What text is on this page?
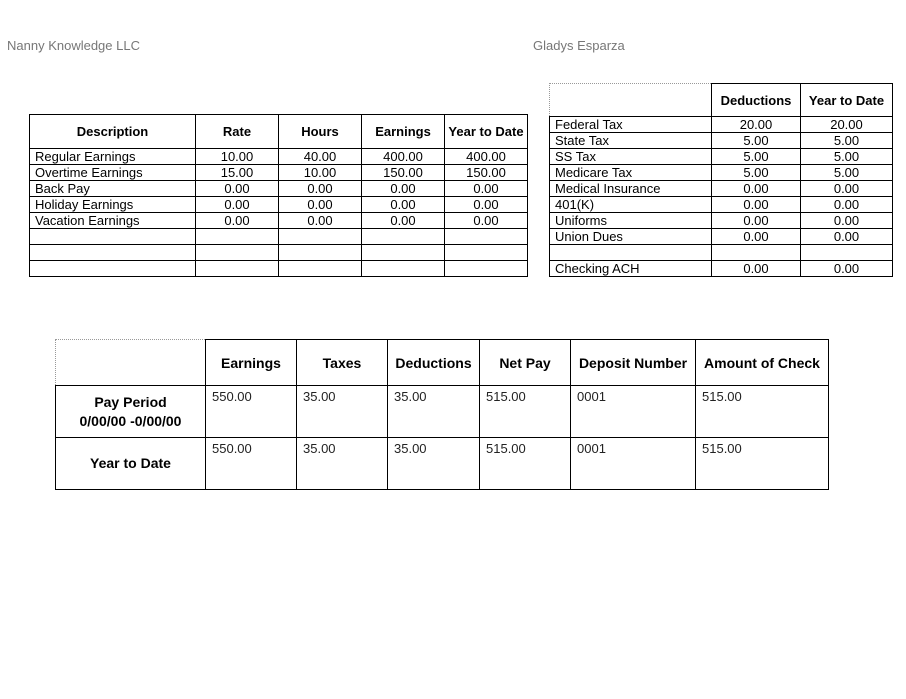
Nanny Knowledge LLC	Gladys Esparza
Description	Rate	Hours	Earnings	Year to Date
Regular Earnings	10.00	40.00	400.00	400.00
Overtime Earnings	15.00	10.00	150.00	150.00
Back Pay	0.00	0.00	0.00	0.00
Holiday Earnings	0.00	0.00	0.00	0.00
Vacation Earnings	0.00	0.00	0.00	0.00

	Deductions	Year to Date
Federal Tax	20.00	20.00
State Tax	5.00	5.00
SS Tax	5.00	5.00
Medicare Tax	5.00	5.00
Medical Insurance	0.00	0.00
401(K)	0.00	0.00
Uniforms	0.00	0.00
Union Dues	0.00	0.00

Checking ACH	0.00	0.00
	Earnings	Taxes	Deductions	Net Pay	Deposit Number	Amount of Check

Pay Period
0/00/00 -0/00/00	550.00	35.00	35.00	515.00	0001	515.00

Year to Date	550.00	35.00	35.00	515.00	0001	515.00
